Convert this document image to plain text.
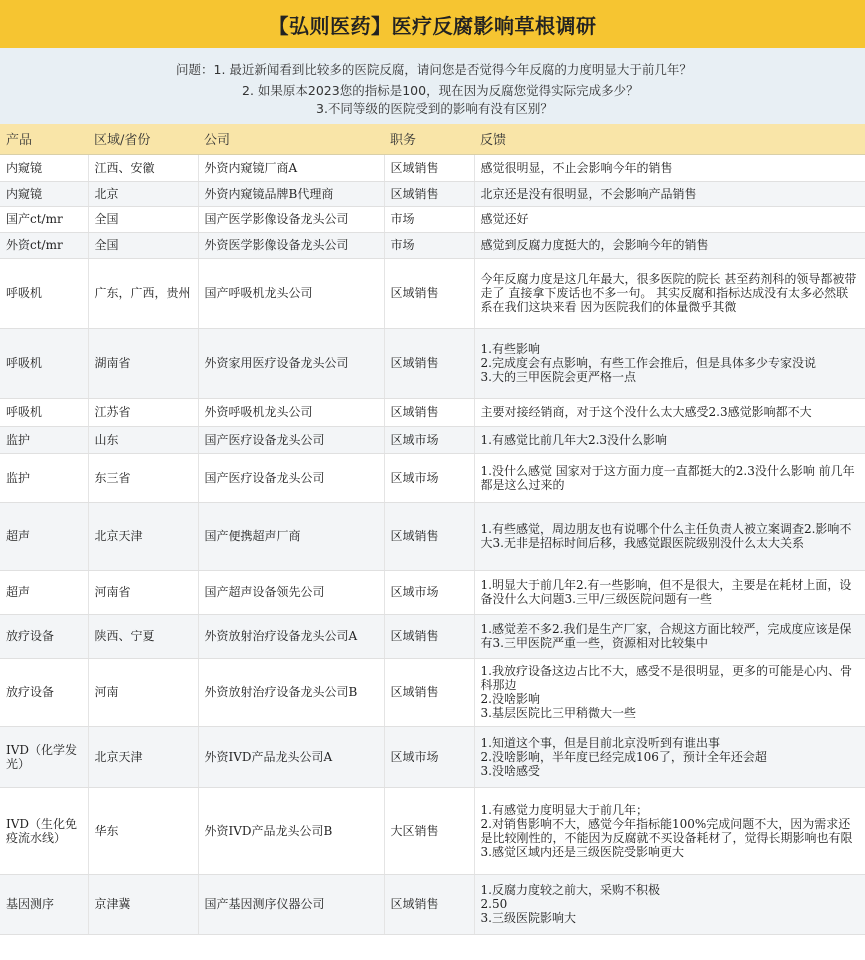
【弘则医药】医疗反腐影响草根调研
问题：1. 最近新闻看到比较多的医院反腐，请问您是否觉得今年反腐的力度明显大于前几年？
2. 如果原本2023您的指标是100，现在因为反腐您觉得实际完成多少？
3.不同等级的医院受到的影响有没有区别？
产品	区域/省份	公司	职务	反馈
内窥镜	江西、安徽	外资内窥镜厂商A	区域销售	感觉很明显，不止会影响今年的销售

内窥镜	北京	外资内窥镜品牌B代理商	区域销售	北京还是没有很明显，不会影响产品销售

国产ct/mr	全国	国产医学影像设备龙头公司	市场	感觉还好

外资ct/mr	全国	外资医学影像设备龙头公司	市场	感觉到反腐力度挺大的，会影响今年的销售

呼吸机	广东，广西，贵州	国产呼吸机龙头公司	区域销售	今年反腐力度是这几年最大，很多医院的院长 甚至药剂科的领导都被带走了 直接拿下废话也不多一句。 其实反腐和指标达成没有太多必然联系在我们这块来看 因为医院我们的体量微乎其微

呼吸机	湖南省	外资家用医疗设备龙头公司	区域销售	1.有些影响
2.完成度会有点影响，有些工作会推后，但是具体多少专家没说
3.大的三甲医院会更严格一点

呼吸机	江苏省	外资呼吸机龙头公司	区域销售	主要对接经销商，对于这个没什么太大感受2.3感觉影响都不大

监护	山东	国产医疗设备龙头公司	区域市场	1.有感觉比前几年大2.3没什么影响

监护	东三省	国产医疗设备龙头公司	区域市场	1.没什么感觉 国家对于这方面力度一直都挺大的2.3没什么影响 前几年都是这么过来的

超声	北京天津	国产便携超声厂商	区域销售	1.有些感觉，周边朋友也有说哪个什么主任负责人被立案调查2.影响不大3.无非是招标时间后移，我感觉跟医院级别没什么太大关系

超声	河南省	国产超声设备领先公司	区域市场	1.明显大于前几年2.有一些影响，但不是很大，主要是在耗材上面，设备没什么大问题3.三甲/三级医院问题有一些

放疗设备	陕西、宁夏	外资放射治疗设备龙头公司A	区域销售	1.感觉差不多2.我们是生产厂家，合规这方面比较严，完成度应该是保有3.三甲医院严重一些，资源相对比较集中

放疗设备	河南	外资放射治疗设备龙头公司B	区域销售	1.我放疗设备这边占比不大，感受不是很明显，更多的可能是心内、骨科那边
2.没啥影响
3.基层医院比三甲稍微大一些

IVD（化学发光）	北京天津	外资IVD产品龙头公司A	区域市场	1.知道这个事，但是目前北京没听到有谁出事
2.没啥影响，半年度已经完成106了，预计全年还会超
3.没啥感受

IVD（生化免疫流水线）	华东	外资IVD产品龙头公司B	大区销售	1.有感觉力度明显大于前几年；
2.对销售影响不大，感觉今年指标能100%完成问题不大，因为需求还是比较刚性的，不能因为反腐就不买设备耗材了，觉得长期影响也有限
3.感觉区域内还是三级医院受影响更大

基因测序	京津冀	国产基因测序仪器公司	区域销售	1.反腐力度较之前大，采购不积极
2.50
3.三级医院影响大
